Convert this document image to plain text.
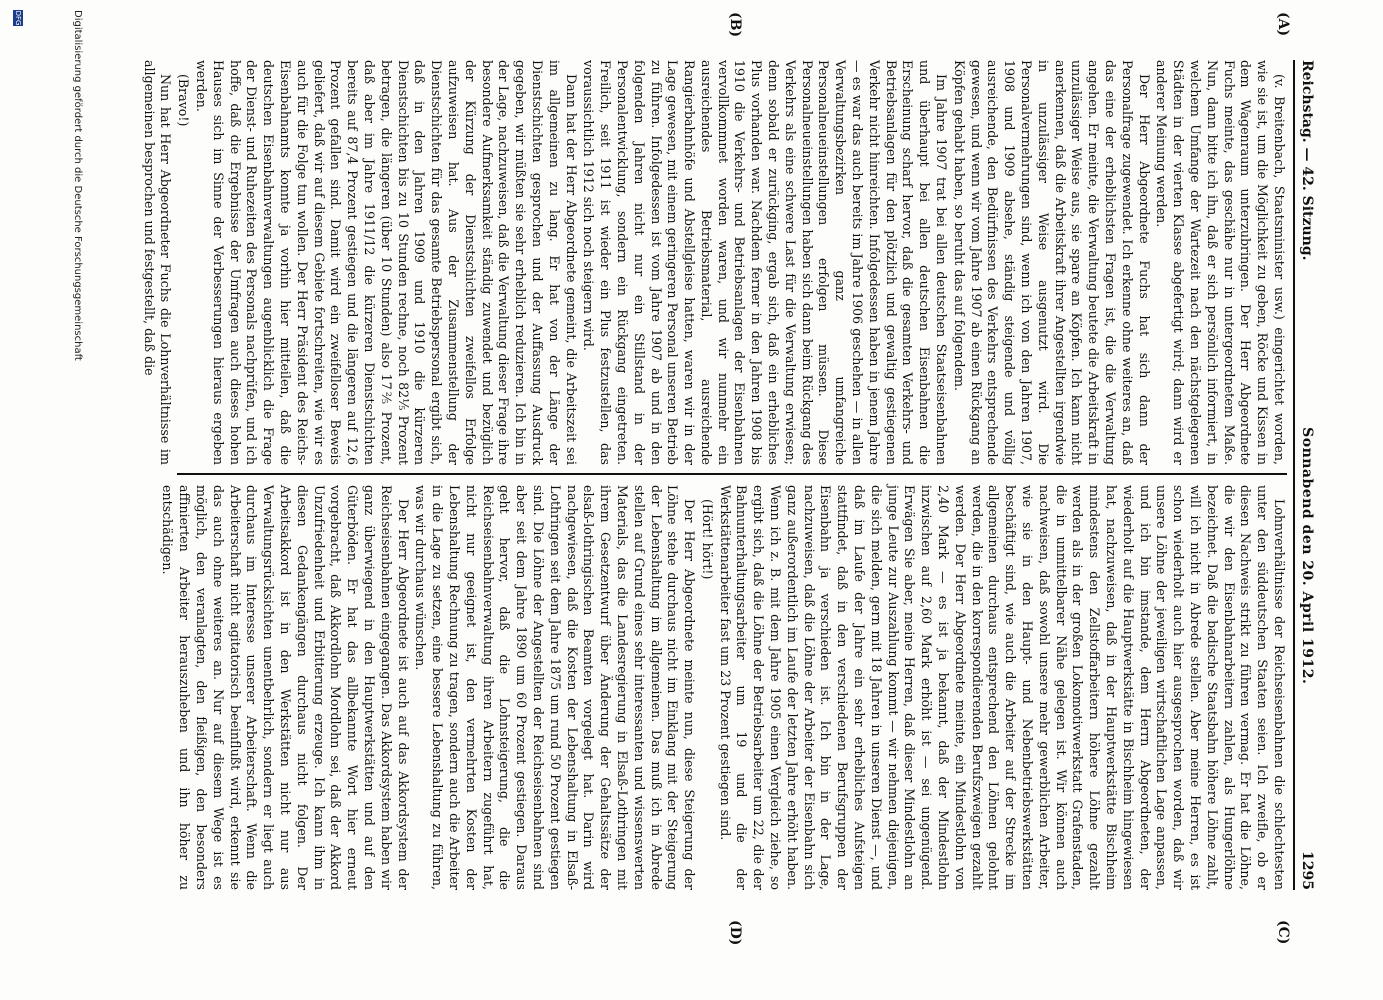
Reichstag. — 42. Sitzung.
Sonnabend den 20. April 1912.
1295
(A)
(B)
(C)
(D)

(v. Breitenbach, Staatsminister usw.) eingerichtet worden, wie sie ist, um die Möglichkeit zu geben, Röcke und Kissen in dem Wagenraum unterzubringen. Der Herr Abgeordnete Fuchs meinte, das geschähe nur in untergeordnetem Maße. Nun, dann bitte ich ihn, daß er sich persönlich informiert, in welchem Umfange der Wartezeit nach den nächstgelegenen Städten in der vierten Klasse abgefertigt wird; dann wird er anderer Meinung werden.

Der Herr Abgeordnete Fuchs hat sich dann der Personalfrage zugewendet. Ich erkenne ohne weiteres an, daß das eine der erheblichsten Fragen ist, die die Verwaltung angehen. Er meinte, die Verwaltung beutete die Arbeitskraft in unzulässiger Weise aus, sie spare an Köpfen. Ich kann nicht anerkennen, daß die Arbeitskraft ihrer Angestellten irgendwie in unzulässiger Weise ausgenutzt wird. Die Personalvermehrungen sind, wenn ich von den Jahren 1907, 1908 und 1909 absehe, ständig steigende und völlig ausreichende, den Bedürfnissen des Verkehrs entsprechende gewesen, und wenn wir vom Jahre 1907 ab einen Rückgang an Köpfen gehabt haben, so beruht das auf folgendem.

Im Jahre 1907 trat bei allen deutschen Staatseisenbahnen und überhaupt bei allen deutschen Eisenbahnen die Erscheinung scharf hervor, daß die gesamten Verkehrs- und Betriebsanlagen für den plötzlich und gewaltig gestiegenen Verkehr nicht hinreichten. Infolgedessen haben in jenem Jahre — es war das auch bereits im Jahre 1906 geschehen — in allen Verwaltungsbezirken ganz umfangreiche Personalneueinstellungen erfolgen müssen. Diese Personalneueinstellungen haben sich dann beim Rückgang des Verkehrs als eine schwere Last für die Verwaltung erwiesen; denn sobald er zurückging, ergab sich, daß ein erhebliches Plus vorhanden war. Nachdem ferner in den Jahren 1908 bis 1910 die Verkehrs- und Betriebsanlagen der Eisenbahnen vervollkommnet worden waren, und wir nunmehr ein ausreichendes Betriebsmaterial, ausreichende Rangierbahnhöfe und Abstellgleise hatten, waren wir in der Lage gewesen, mit einem geringeren Personal unseren Betrieb zu führen. Infolgedessen ist vom Jahre 1907 ab und in den folgenden Jahren nicht nur ein Stillstand in der Personalentwicklung, sondern ein Rückgang eingetreten. Freilich, seit 1911 ist wieder ein Plus festzustellen, das voraussichtlich 1912 sich noch steigern wird.

Dann hat der Herr Abgeordnete gemeint, die Arbeitszeit sei im allgemeinen zu lang. Er hat von der Länge der Dienstschichten gesprochen und der Auffassung Ausdruck gegeben, wir müßten sie sehr erheblich reduzieren. Ich bin in der Lage, nachzuweisen, daß die Verwaltung dieser Frage ihre besondere Aufmerksamkeit ständig zuwendet und bezüglich der Kürzung der Dienstschichten zweifellos Erfolge aufzuweisen hat. Aus der Zusammenstellung der Dienstschichten für das gesamte Betriebspersonal ergibt sich, daß in den Jahren 1909 und 1910 die kürzeren Dienstschichten bis zu 10 Stunden rechne, noch 82⅕ Prozent betragen, die längeren (über 10 Stunden) also 17⅖ Prozent, daß aber im Jahre 1911/12 die kürzeren Dienstschichten bereits auf 87,4 Prozent gestiegen und die längeren auf 12,6 Prozent gefallen sind. Damit wird ein zweifelloser Beweis geliefert, daß wir auf diesem Gebiete fortschreiten, wie wir es auch für die Folge tun wollen. Der Herr Präsident des Reichs-Eisenbahnamts konnte ja vorhin hier mitteilen, daß die deutschen Eisenbahnverwaltungen augenblicklich die Frage der Dienst- und Ruhezeiten des Personals nachprüfen, und ich hoffe, daß die Ergebnisse der Umfragen auch dieses hohen Hauses sich im Sinne der Verbesserungen hieraus ergeben werden.

(Bravo!)

Nun hat Herr Abgeordneter Fuchs die Lohnverhältnisse im allgemeinen besprochen und festgestellt, daß die

Lohnverhältnisse der Reichseisenbahnen die schlechtesten unter den süddeutschen Staaten seien. Ich zweifle, ob er diesen Nachweis strikt zu führen vermag. Er hat die Löhne, die wir den Eisenbahnarbeitern zahlen, als Hungerlöhne bezeichnet. Daß die badische Staatsbahn höhere Löhne zahlt, will ich nicht in Abrede stellen. Aber meine Herren, es ist schon wiederholt auch hier ausgesprochen worden, daß wir unsere Löhne der jeweiligen wirtschaftlichen Lage anpassen, und ich bin imstande, dem Herrn Abgeordneten, der wiederholt auf die Hauptwerkstätte in Bischheim hingewiesen hat, nachzuweisen, daß in der Hauptwerkstätte Bischheim mindestens den Zellstoffarbeitern höhere Löhne gezahlt werden als in der großen Lokomotivwerkstatt Grafenstaden, die in unmittelbarer Nähe gelegen ist. Wir können auch nachweisen, daß sowohl unsere mehr gewerblichen Arbeiter, wie sie in den Haupt- und Nebenbetriebswerkstätten beschäftigt sind, wie auch die Arbeiter auf der Strecke im allgemeinen durchaus entsprechend den Löhnen gelohnt werden, die in den korrespondierenden Berufszweigen gezahlt werden. Der Herr Abgeordnete meinte, ein Mindestlohn von 2,40 Mark — es ist ja bekannt, daß der Mindestlohn inzwischen auf 2,60 Mark erhöht ist — sei ungenügend. Erwägen Sie aber, meine Herren, daß dieser Mindestlohn an junge Leute zur Auszahlung kommt — wir nehmen diejenigen, die sich melden, gern mit 18 Jahren in unseren Dienst —, und daß im Laufe der Jahre ein sehr erhebliches Aufsteigen stattfindet, daß in den verschiedenen Berufsgruppen der Eisenbahn ja verschieden ist. Ich bin in der Lage, nachzuweisen, daß die Löhne der Arbeiter der Eisenbahn sich ganz außerordentlich im Laufe der letzten Jahre erhöht haben. Wenn ich z. B. mit dem Jahre 1905 einen Vergleich ziehe, so ergibt sich, daß die Löhne der Betriebsarbeiter um 22, die der Bahnunterhaltungsarbeiter um 19 und die der Werkstättenarbeiter fast um 23 Prozent gestiegen sind.

(Hört! hört!)

Der Herr Abgeordnete meinte nun, diese Steigerung der Löhne stehe durchaus nicht im Einklang mit der Steigerung der Lebenshaltung im allgemeinen. Das muß ich in Abrede stellen auf Grund eines sehr interessanten und wissenswerten Materials, das die Landesregierung in Elsaß-Lothringen mit ihrem Gesetzentwurf über Änderung der Gehaltssätze der elsaß-lothringischen Beamten vorgelegt hat. Darin wird nachgewiesen, daß die Kosten der Lebenshaltung in Elsaß-Lothringen seit dem Jahre 1875 um rund 50 Prozent gestiegen sind. Die Löhne der Angestellten der Reichseisenbahnen sind aber seit dem Jahre 1890 um 60 Prozent gestiegen. Daraus geht hervor, daß die Lohnsteigerung, die die Reichseisenbahnverwaltung ihren Arbeitern zugeführt hat, nicht nur geeignet ist, den vermehrten Kosten der Lebenshaltung Rechnung zu tragen, sondern auch die Arbeiter in die Lage zu setzen, eine bessere Lebenshaltung zu führen, was wir durchaus wünschen.

Der Herr Abgeordnete ist auch auf das Akkordsystem der Reichseisenbahnen eingegangen. Das Akkordsystem haben wir ganz überwiegend in den Hauptwerkstätten und auf den Güterböden. Er hat das allbekannte Wort hier erneut vorgebracht, daß Akkordlohn Mordlohn sei, daß der Akkord Unzufriedenheit und Erbitterung erzeuge. Ich kann ihm in diesen Gedankengängen durchaus nicht folgen. Der Arbeitsakkord ist in den Werkstätten nicht nur aus Verwaltungsrücksichten unentbehrlich, sondern er liegt auch durchaus im Interesse unserer Arbeiterschaft. Wenn die Arbeiterschaft nicht agitatorisch beeinflußt wird, erkennt sie das auch ohne weiteres an. Nur auf diesem Wege ist es möglich, den veranlagten, den fleißigen, den besonders affinierten Arbeiter herauszuheben und ihn höher zu entschädigen.

Digitalisierung gefördert durch die Deutsche Forschungsgemeinschaft
DFG
